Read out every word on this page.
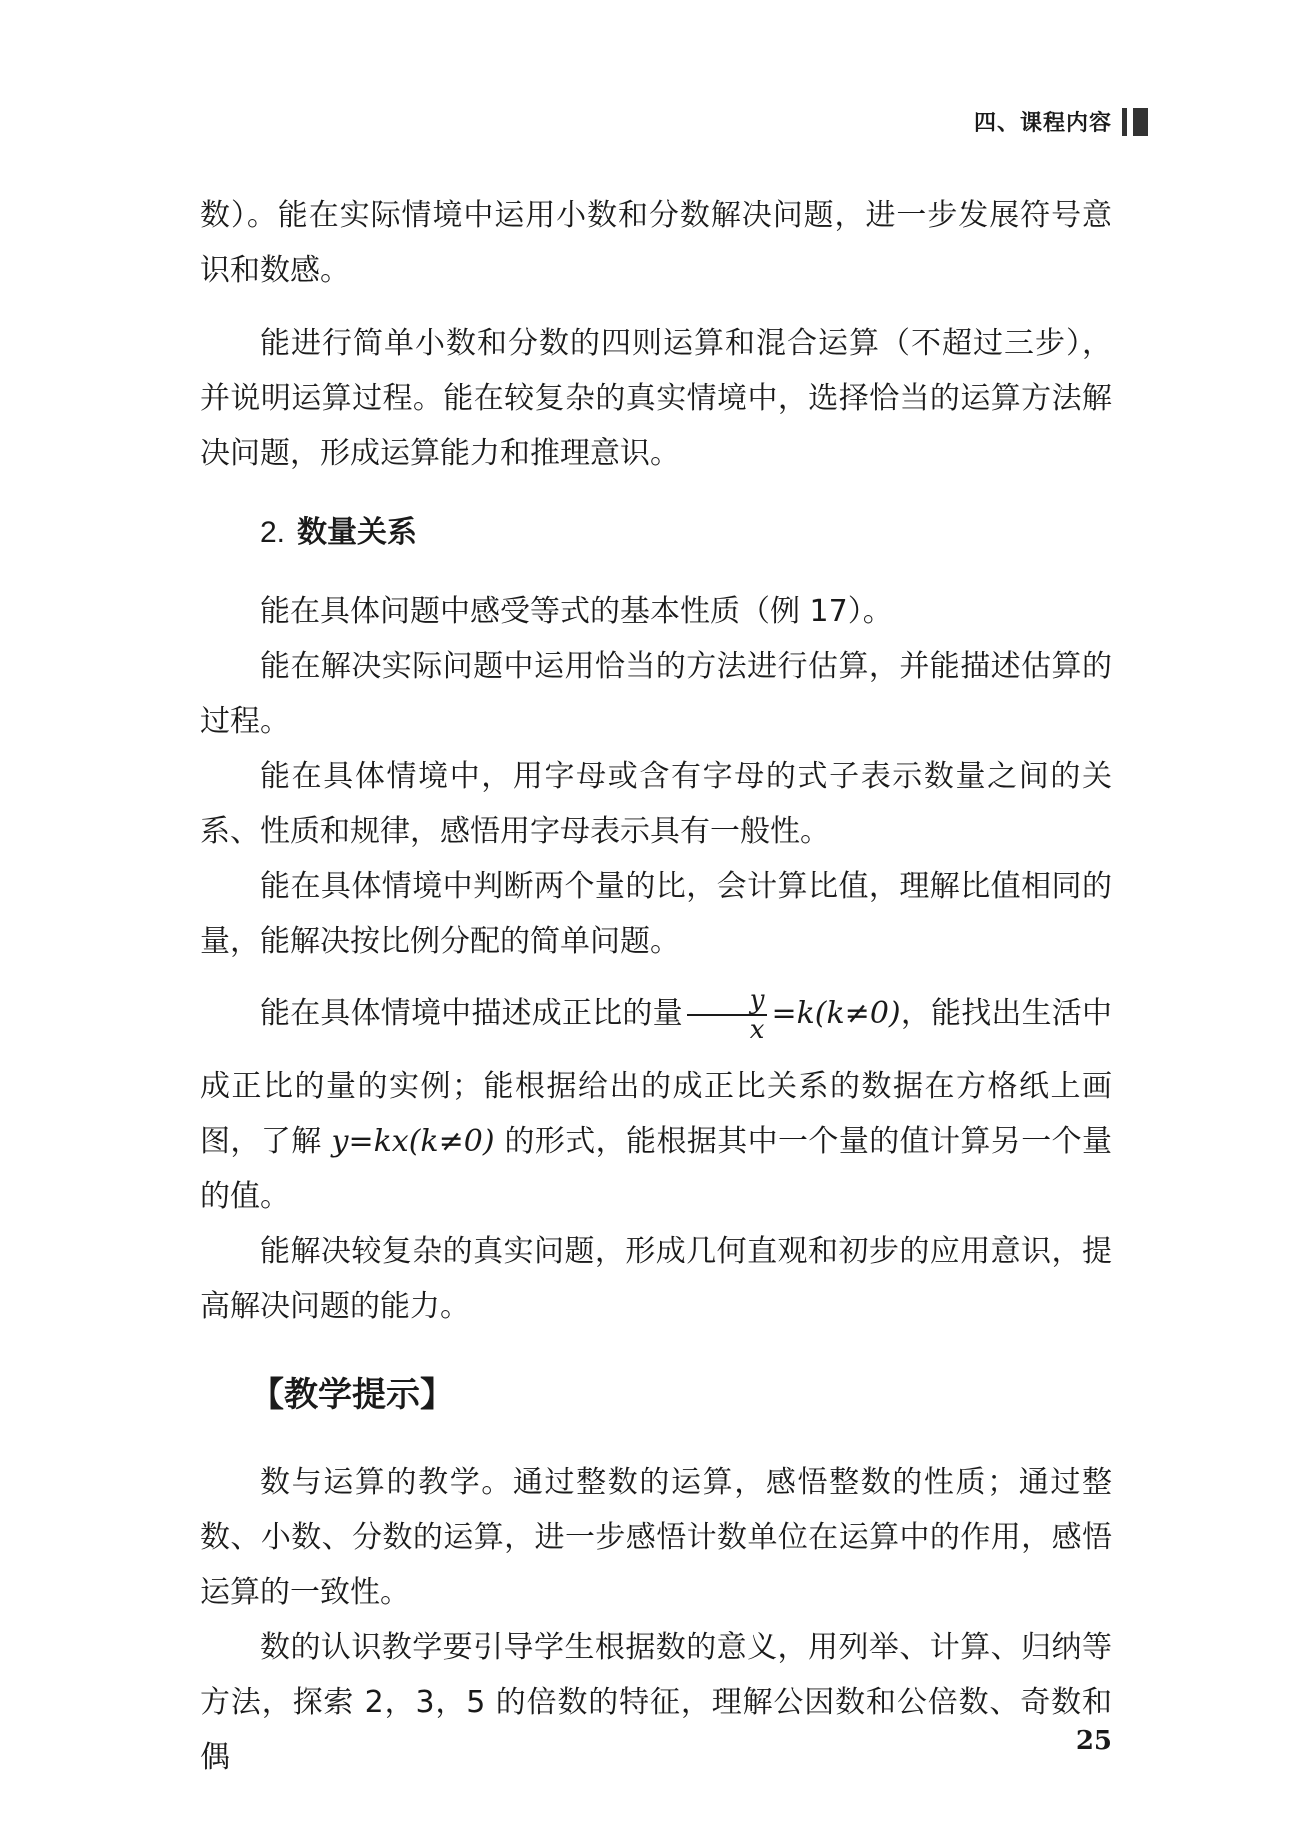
四、课程内容

数）。能在实际情境中运用小数和分数解决问题，进一步发展符号意识和数感。

能进行简单小数和分数的四则运算和混合运算（不超过三步），并说明运算过程。能在较复杂的真实情境中，选择恰当的运算方法解决问题，形成运算能力和推理意识。

2. 数量关系

能在具体问题中感受等式的基本性质（例 17）。

能在解决实际问题中运用恰当的方法进行估算，并能描述估算的过程。

能在具体情境中，用字母或含有字母的式子表示数量之间的关系、性质和规律，感悟用字母表示具有一般性。

能在具体情境中判断两个量的比，会计算比值，理解比值相同的量，能解决按比例分配的简单问题。

能在具体情境中描述成正比的量 $\frac{y}{x} =k(k\ne 0)$，能找出生活中成正比的量的实例；能根据给出的成正比关系的数据在方格纸上画图，了解 y=kx(k≠0) 的形式，能根据其中一个量的值计算另一个量的值。

能解决较复杂的真实问题，形成几何直观和初步的应用意识，提高解决问题的能力。

【教学提示】

数与运算的教学。通过整数的运算，感悟整数的性质；通过整数、小数、分数的运算，进一步感悟计数单位在运算中的作用，感悟运算的一致性。

数的认识教学要引导学生根据数的意义，用列举、计算、归纳等方法，探索 2，3，5 的倍数的特征，理解公因数和公倍数、奇数和偶	25
